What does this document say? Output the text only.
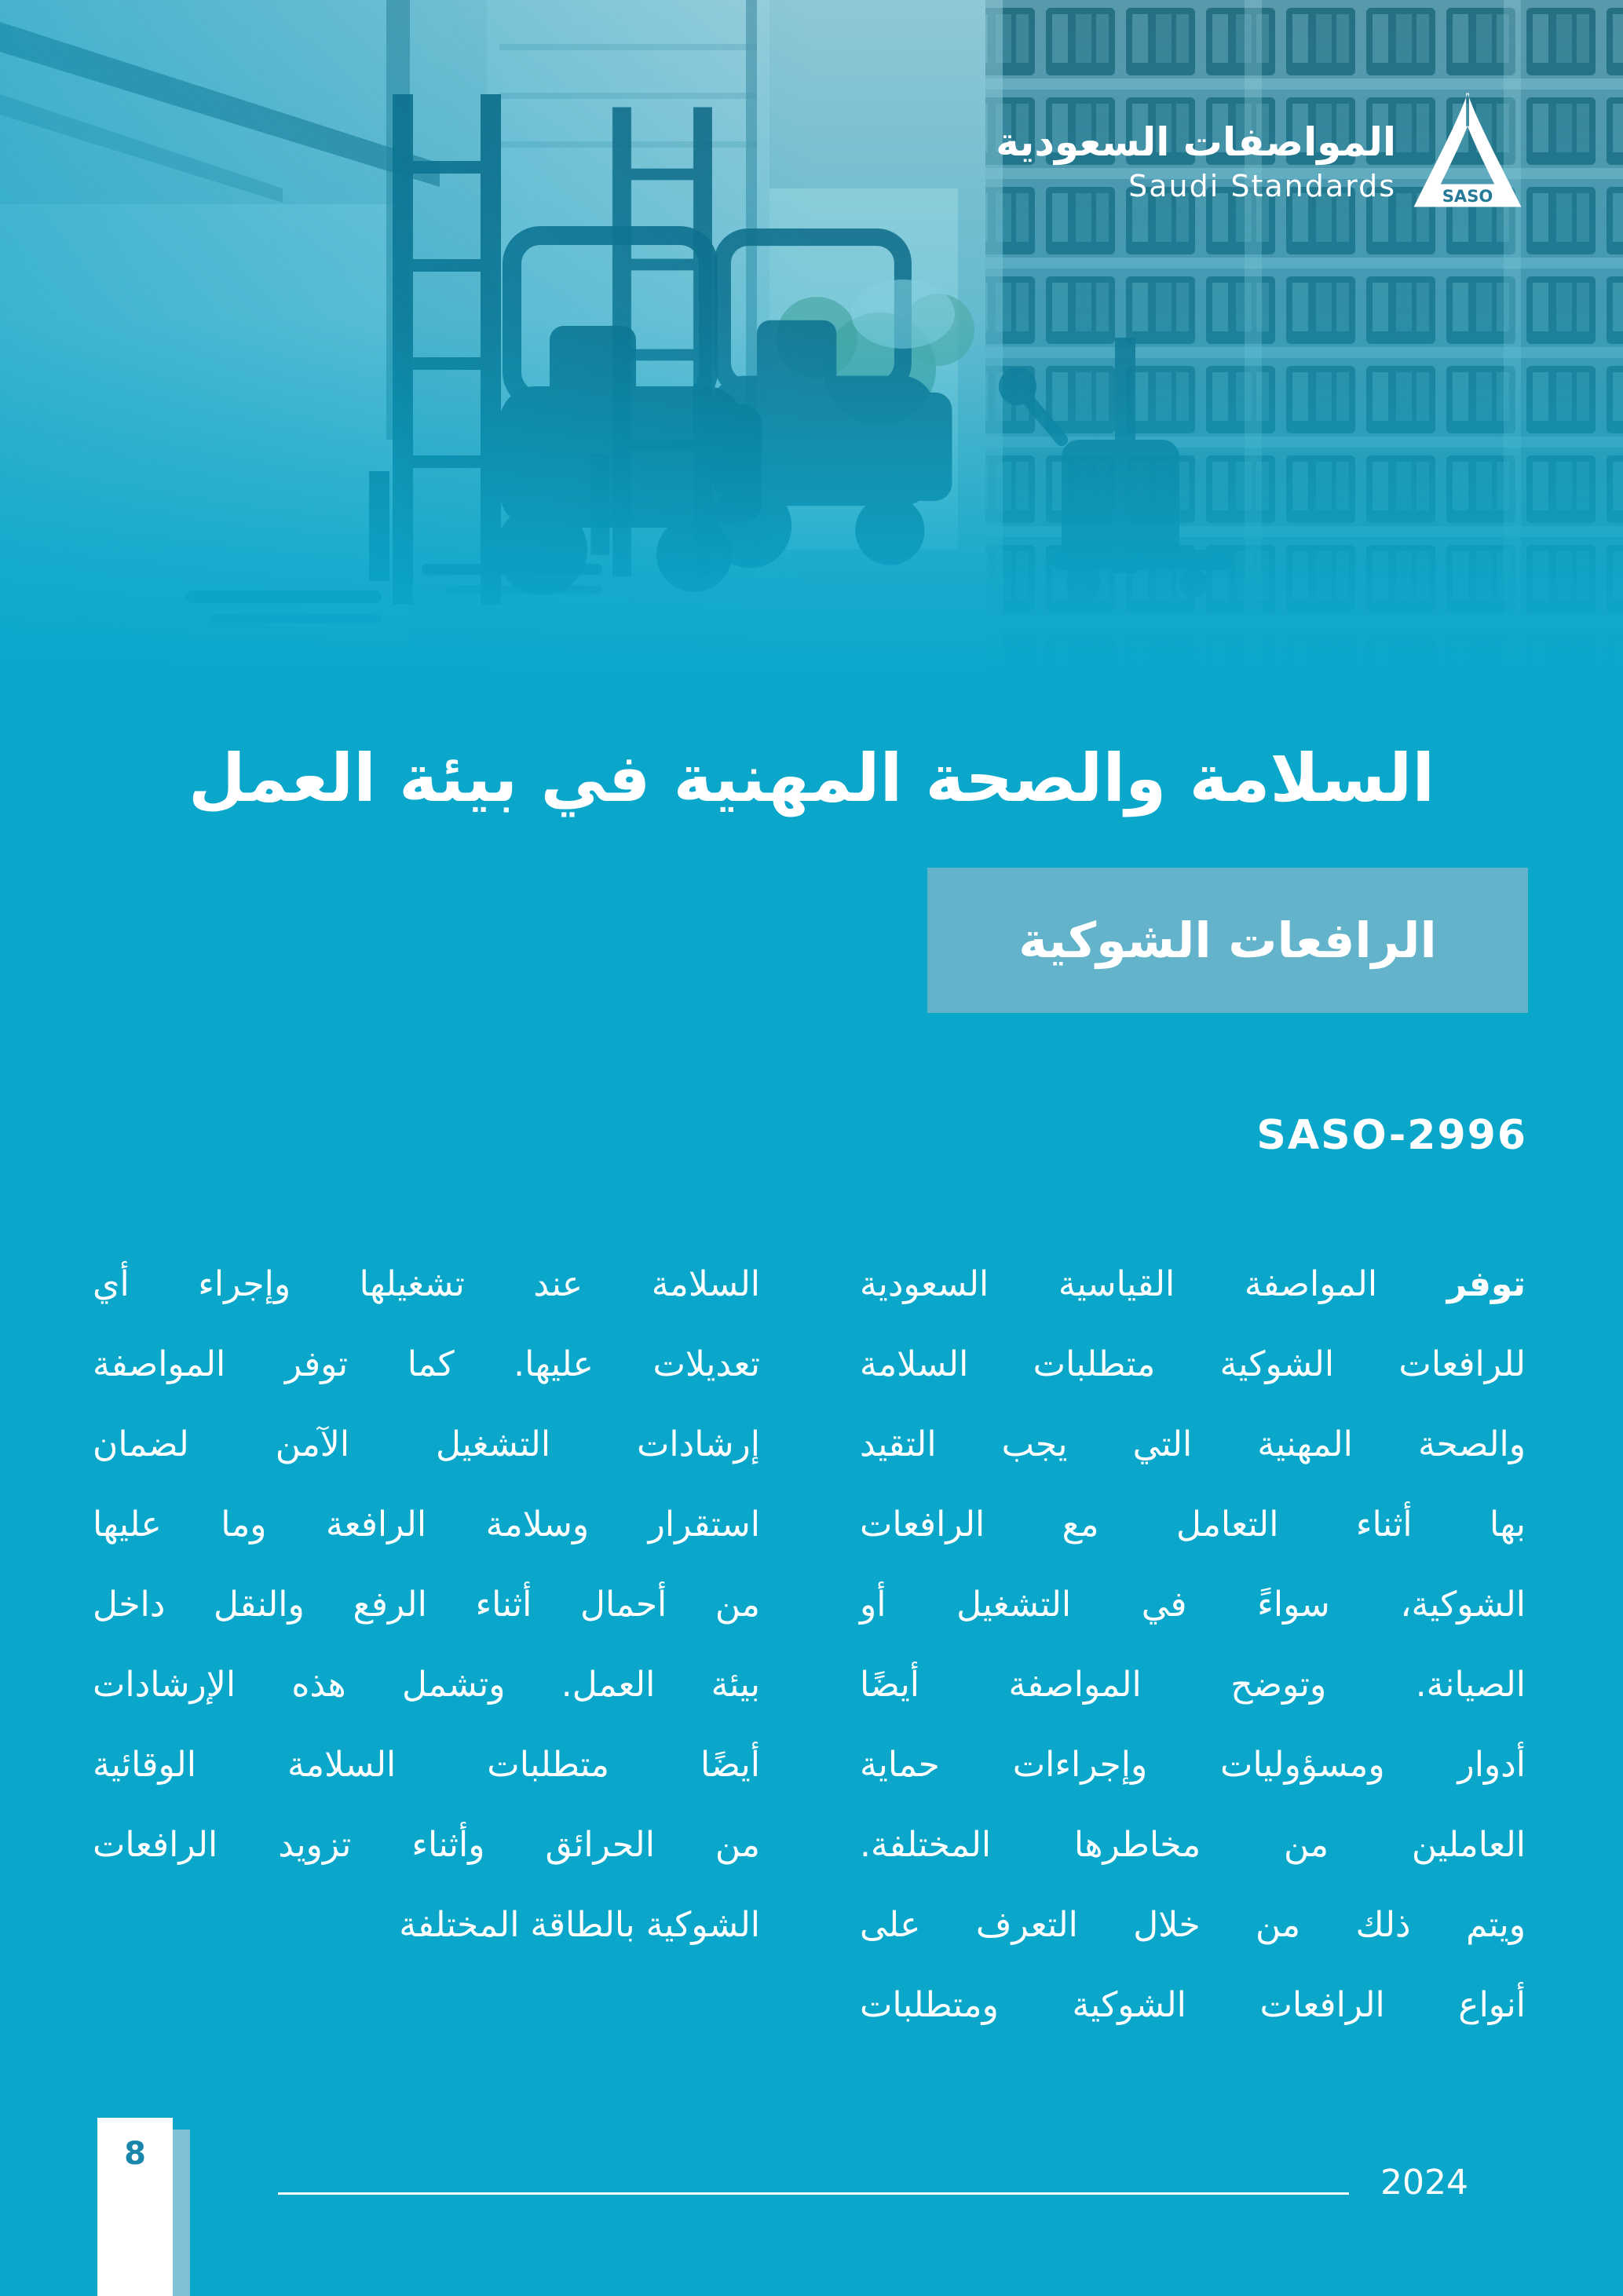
المواصفات السعودية
Saudi Standards	SASO
السلامة والصحة المهنية في بيئة العمل
الرافعات الشوكية
SASO-2996
توفر المواصفة القياسية السعودية
للرافعات الشوكية متطلبات السلامة
والصحة المهنية التي يجب التقيد
بها أثناء التعامل مع الرافعات
الشوكية، سواءً في التشغيل أو
الصيانة. وتوضح المواصفة أيضًا
أدوار ومسؤوليات وإجراءات حماية
العاملين من مخاطرها المختلفة.
ويتم ذلك من خلال التعرف على
أنواع الرافعات الشوكية ومتطلبات
السلامة عند تشغيلها وإجراء أي
تعديلات عليها. كما توفر المواصفة
إرشادات التشغيل الآمن لضمان
استقرار وسلامة الرافعة وما عليها
من أحمال أثناء الرفع والنقل داخل
بيئة العمل. وتشمل هذه الإرشادات
أيضًا متطلبات السلامة الوقائية
من الحرائق وأثناء تزويد الرافعات
الشوكية بالطاقة المختلفة
8
2024
